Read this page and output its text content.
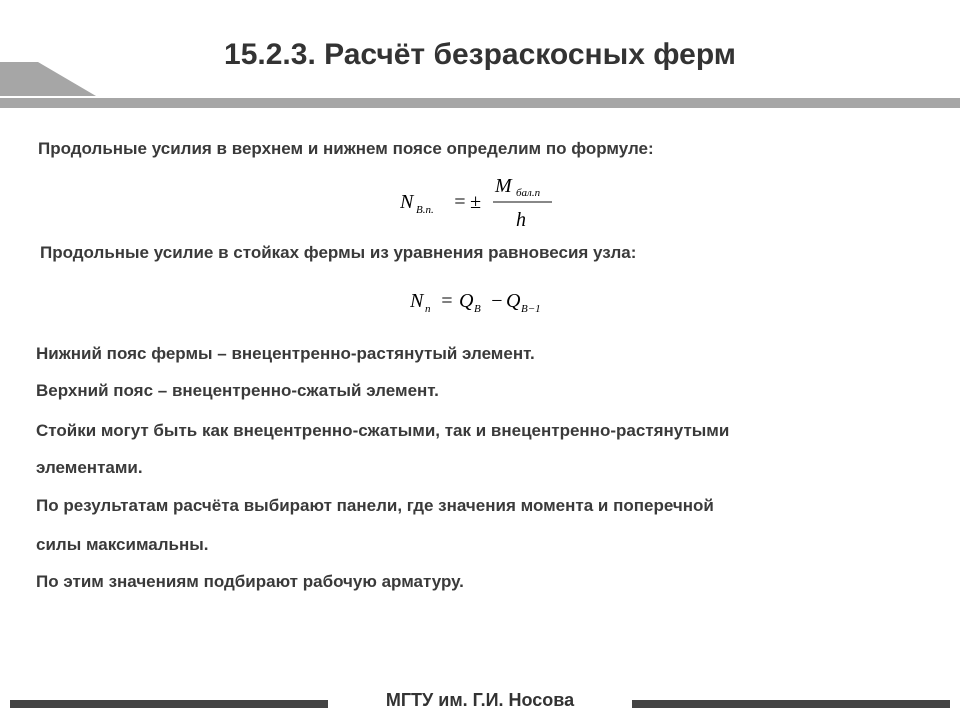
15.2.3. Расчёт безраскосных ферм
Продольные усилия в верхнем и нижнем поясе определим по формуле:
N В.п. = ±
M бал.п
h
Продольные усилие в стойках фермы из уравнения равновесия узла:
N п = Q B − Q B−1
Нижний пояс фермы – внецентренно-растянутый элемент.
Верхний пояс – внецентренно-сжатый элемент.
Стойки могут быть как внецентренно-сжатыми, так и внецентренно-растянутыми
элементами.
По результатам расчёта выбирают панели, где значения момента и поперечной
силы максимальны.
По этим значениям подбирают рабочую арматуру.
МГТУ им. Г.И. Носова
